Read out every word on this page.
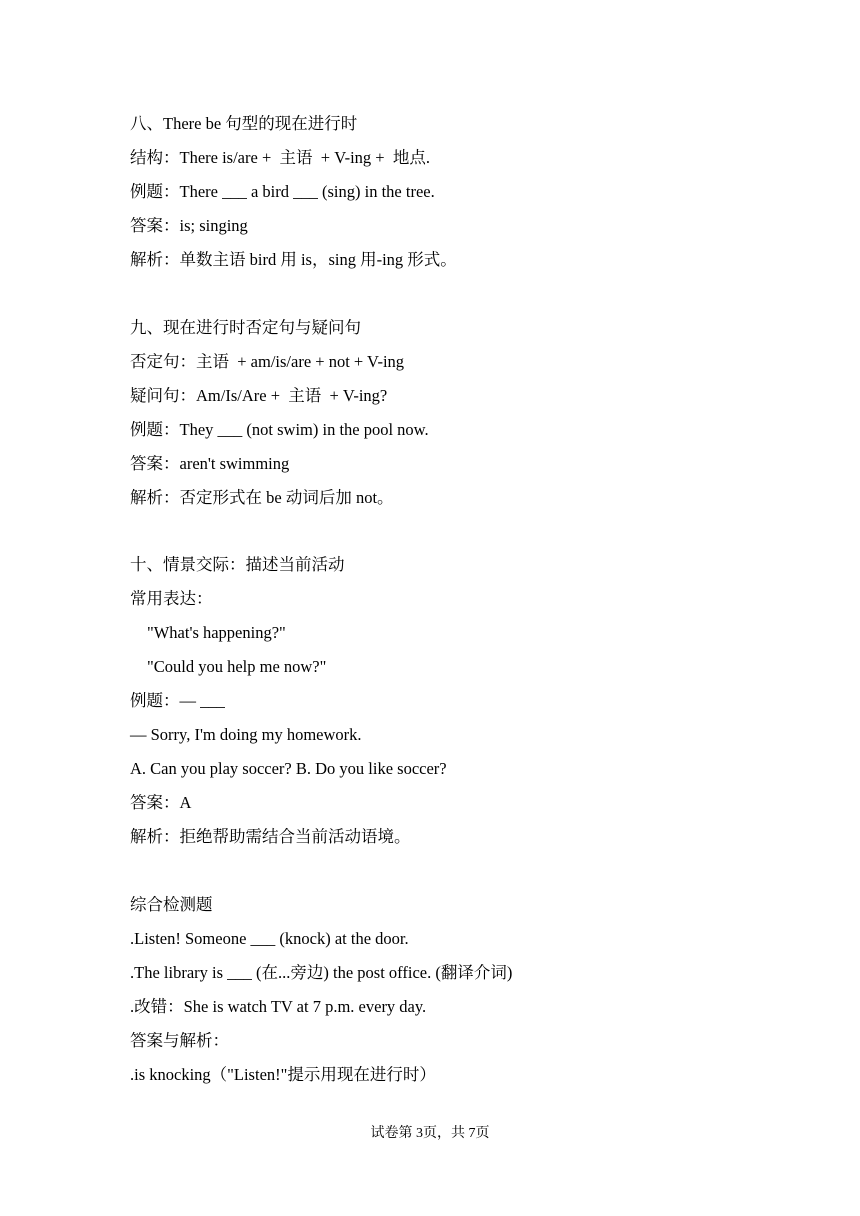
八、There be 句型的现在进行时
结构：There is/are +  主语  + V-ing +  地点.
例题：There ___ a bird ___ (sing) in the tree.
答案：is; singing
解析：单数主语 bird 用 is，sing 用-ing 形式。
九、现在进行时否定句与疑问句
否定句：主语  + am/is/are + not + V-ing
疑问句：Am/Is/Are +  主语  + V-ing?
例题：They ___ (not swim) in the pool now.
答案：aren't swimming
解析：否定形式在 be 动词后加 not。
十、情景交际：描述当前活动
常用表达：
"What's happening?"
"Could you help me now?"
例题：— ___
— Sorry, I'm doing my homework.
A. Can you play soccer? B. Do you like soccer?
答案：A
解析：拒绝帮助需结合当前活动语境。
综合检测题
.Listen! Someone ___ (knock) at the door.
.The library is ___ (在...旁边) the post office. (翻译介词)
.改错：She is watch TV at 7 p.m. every day.
答案与解析：
.is knocking（"Listen!"提示用现在进行时）
试卷第 3页，共 7页
